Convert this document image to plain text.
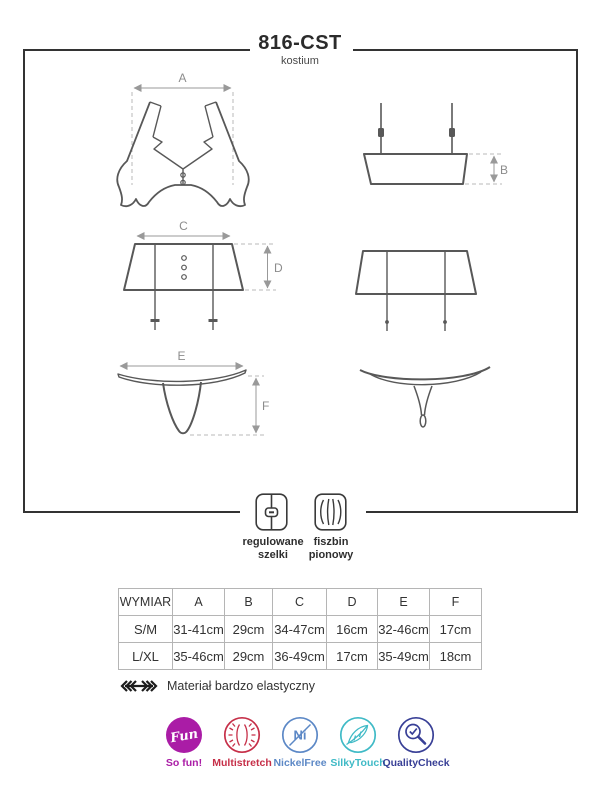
816-CST
kostium
A
B
C
D
E
F
regulowane
szelki
fiszbin
pionowy
WYMIAR	A	B	C	D	E	F
S/M	31-41cm	29cm	34-47cm	16cm	32-46cm	17cm
L/XL	35-46cm	29cm	36-49cm	17cm	35-49cm	18cm
Materiał bardzo elastyczny
Fun
So fun! Multistretch
Ni
NickelFree SilkyTouch
QualityCheck
